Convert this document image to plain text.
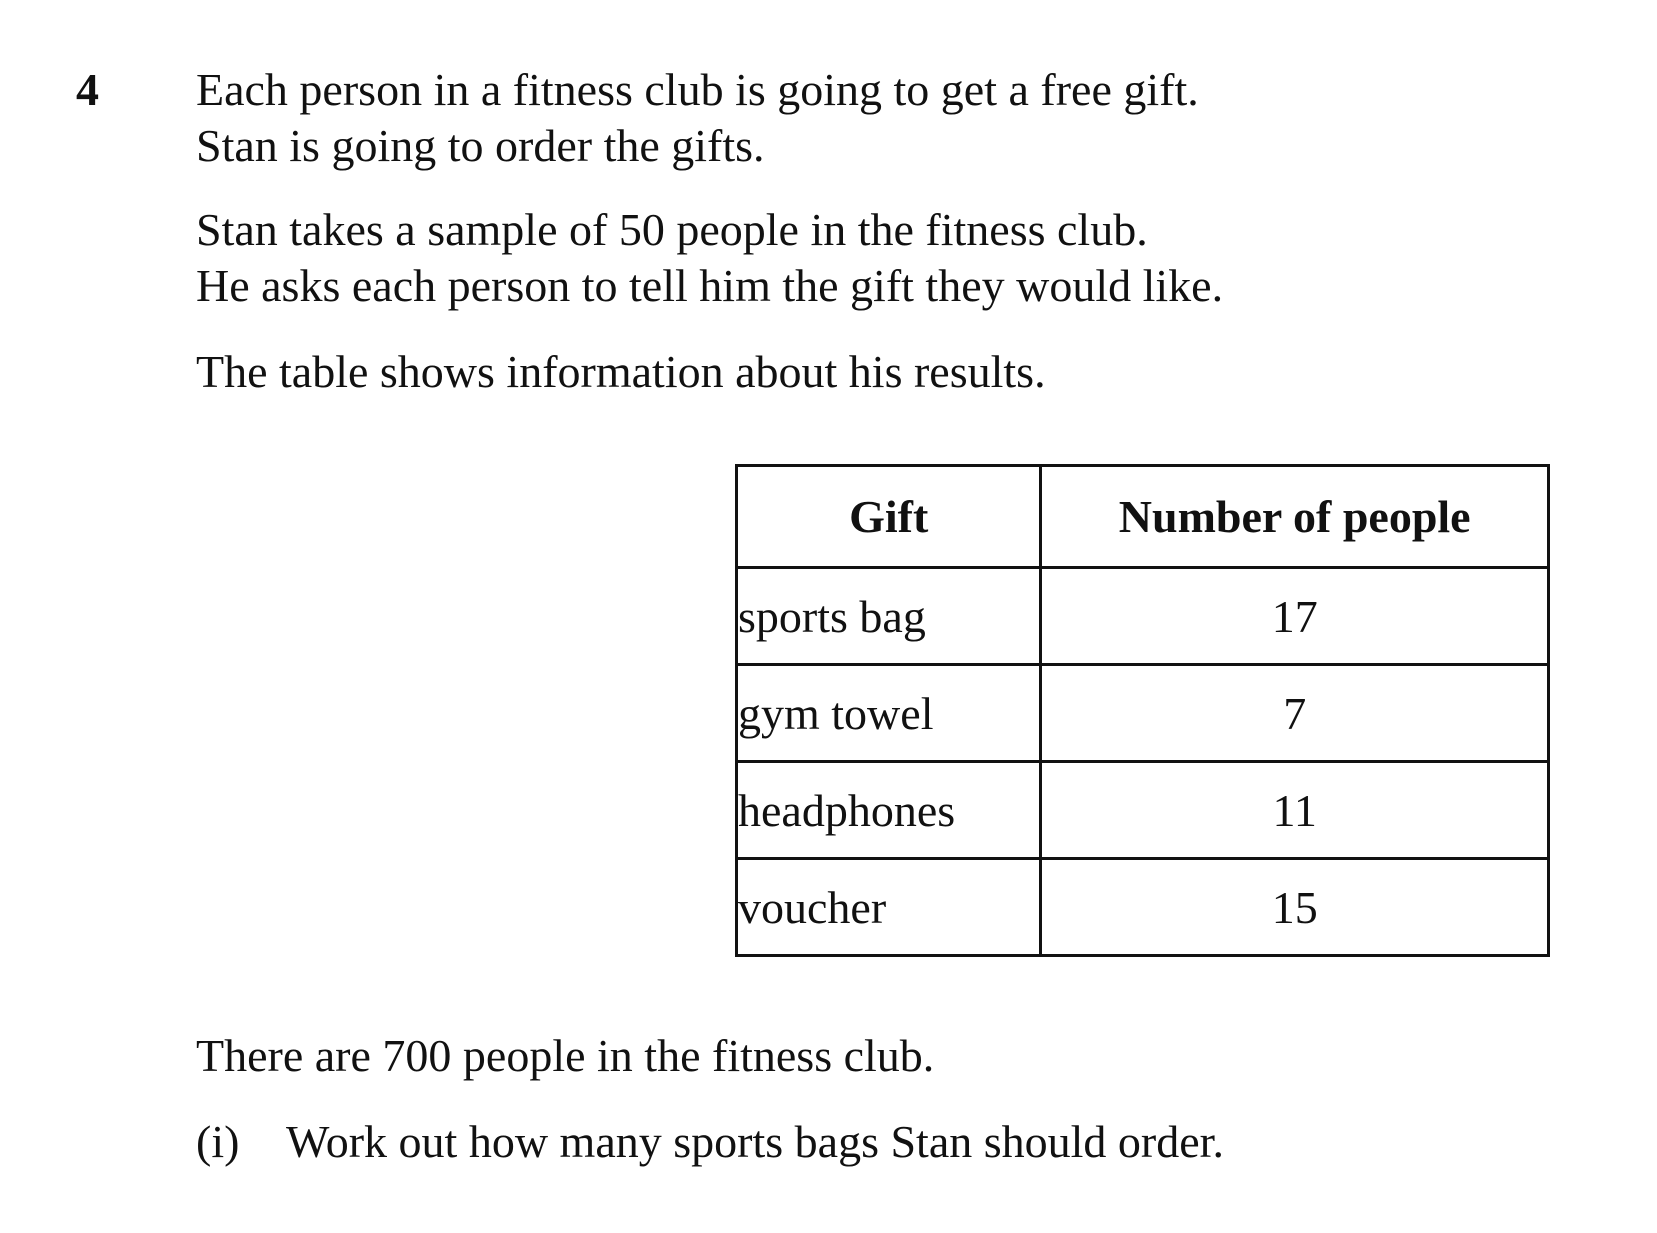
4 Each person in a fitness club is going to get a free gift.
Stan is going to order the gifts.
Stan takes a sample of 50 people in the fitness club.
He asks each person to tell him the gift they would like.
The table shows information about his results.
Gift	Number of people
sports bag	17
gym towel	7
headphones	11
voucher	15
There are 700 people in the fitness club.
(i) Work out how many sports bags Stan should order.
